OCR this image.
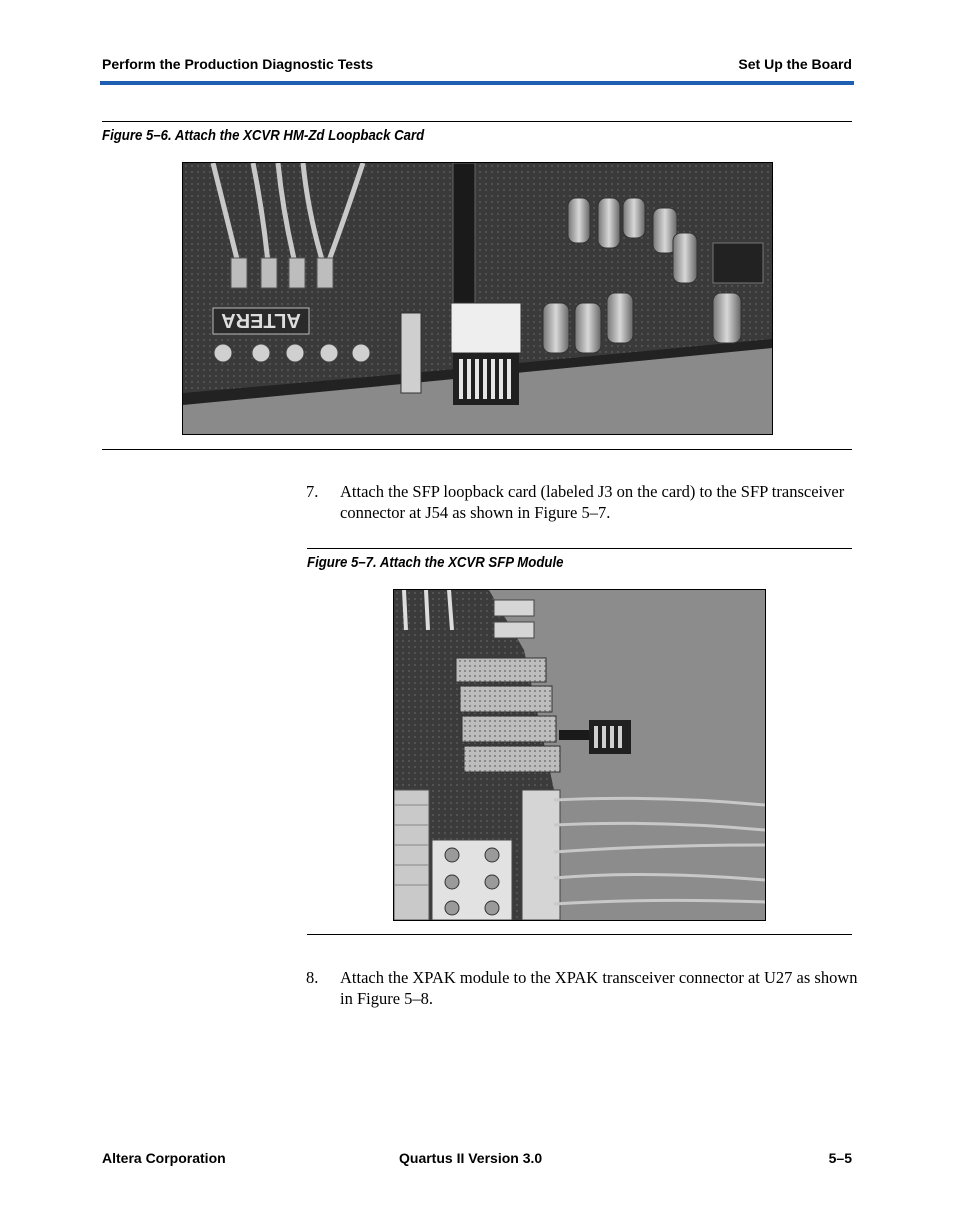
Perform the Production Diagnostic Tests	Set Up the Board
Figure 5–6. Attach the XCVR HM-Zd Loopback Card
ALTERA
7. Attach the SFP loopback card (labeled J3 on the card) to the SFP transceiver connector at J54 as shown in Figure 5–7.
Figure 5–7. Attach the XCVR SFP Module
8. Attach the XPAK module to the XPAK transceiver connector at U27 as shown in Figure 5–8.
Altera Corporation	Quartus II Version 3.0	5–5
